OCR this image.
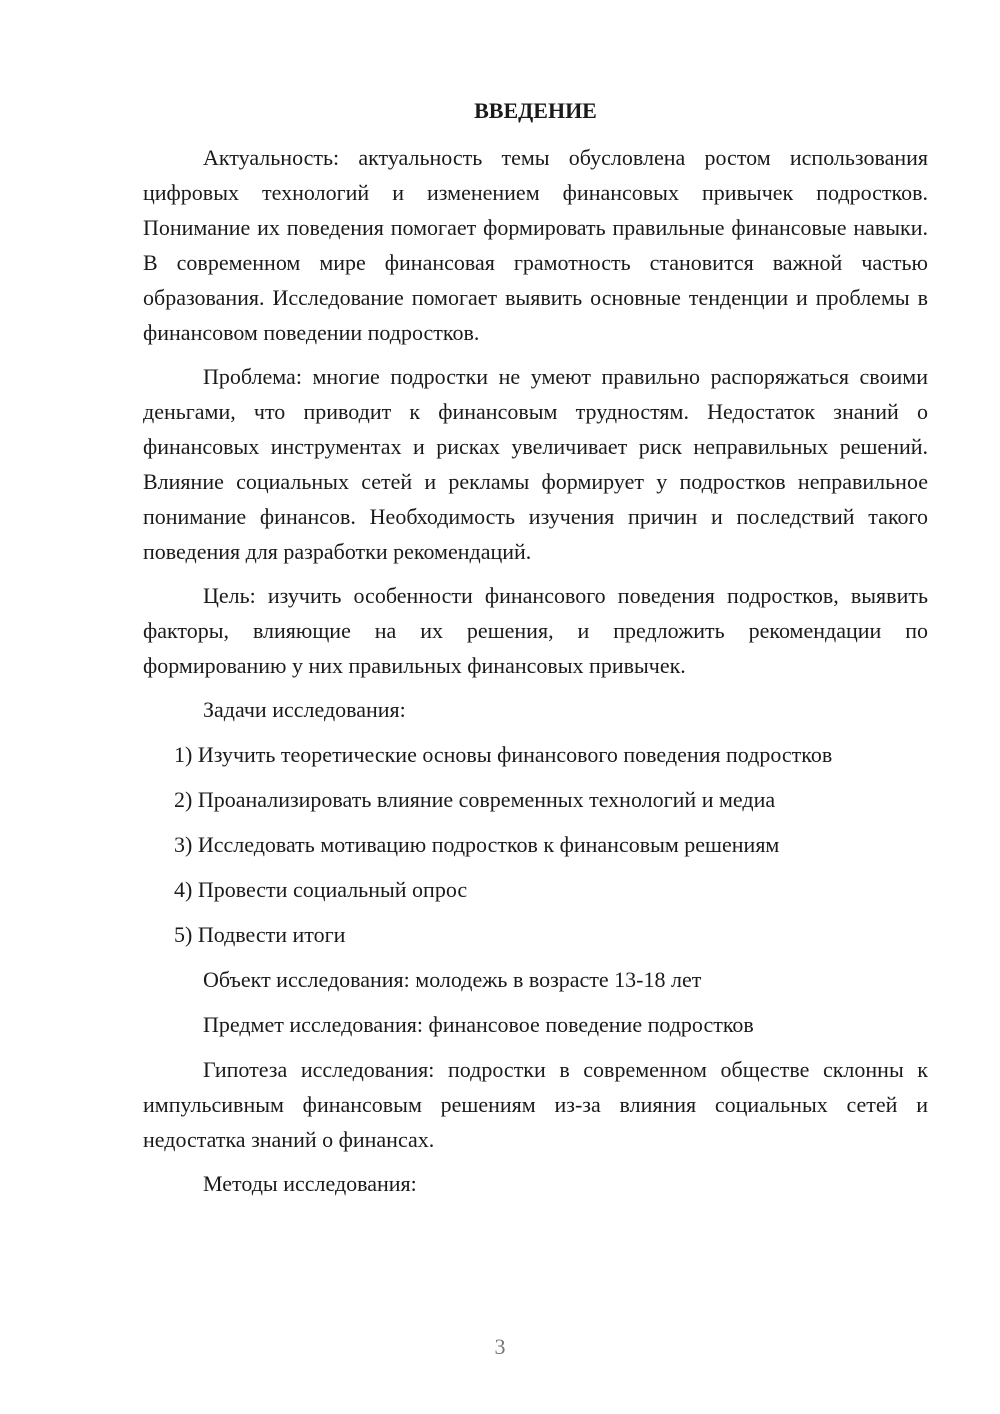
ВВЕДЕНИЕ

Актуальность: актуальность темы обусловлена ростом использования цифровых технологий и изменением финансовых привычек подростков. Понимание их поведения помогает формировать правильные финансовые навыки. В современном мире финансовая грамотность становится важной частью образования. Исследование помогает выявить основные тенденции и проблемы в финансовом поведении подростков.

Проблема: многие подростки не умеют правильно распоряжаться своими деньгами, что приводит к финансовым трудностям. Недостаток знаний о финансовых инструментах и рисках увеличивает риск неправильных решений. Влияние социальных сетей и рекламы формирует у подростков неправильное понимание финансов. Необходимость изучения причин и последствий такого поведения для разработки рекомендаций.

Цель: изучить особенности финансового поведения подростков, выявить факторы, влияющие на их решения, и предложить рекомендации по формированию у них правильных финансовых привычек.

Задачи исследования:

1) Изучить теоретические основы финансового поведения подростков

2) Проанализировать влияние современных технологий и медиа

3) Исследовать мотивацию подростков к финансовым решениям

4) Провести социальный опрос

5) Подвести итоги

Объект исследования: молодежь в возрасте 13-18 лет

Предмет исследования: финансовое поведение подростков

Гипотеза исследования: подростки в современном обществе склонны к импульсивным финансовым решениям из-за влияния социальных сетей и недостатка знаний о финансах.

Методы исследования:

3
